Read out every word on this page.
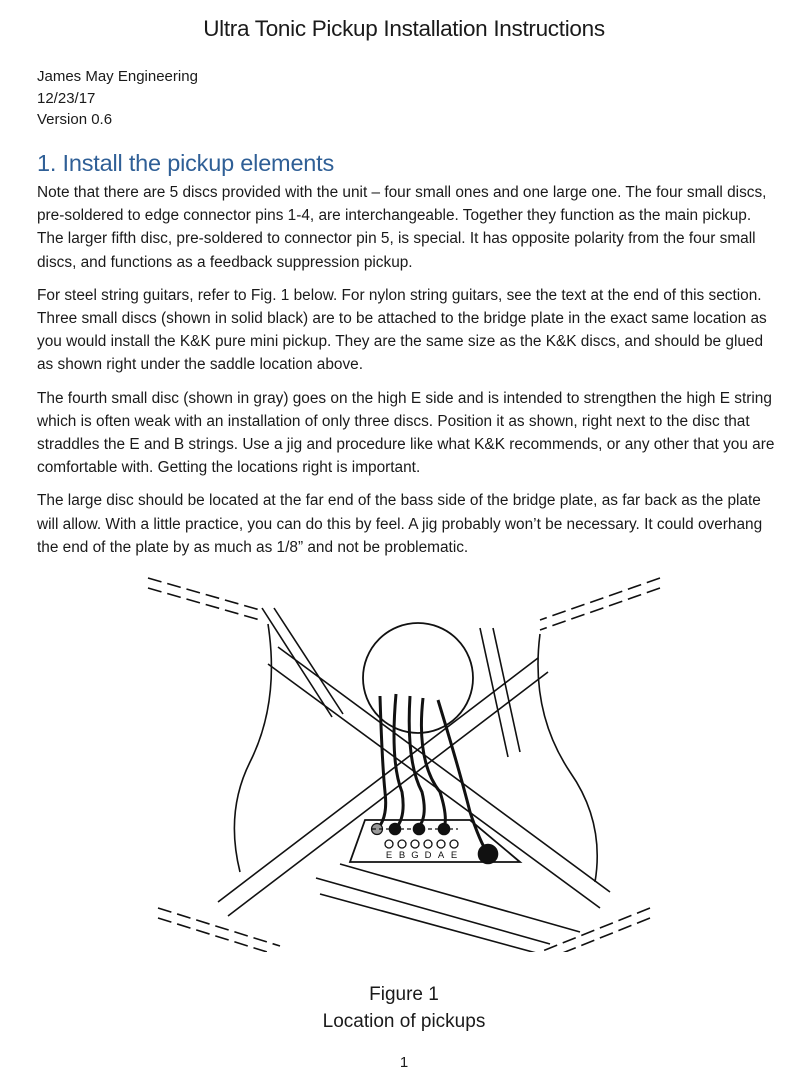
Ultra Tonic Pickup Installation Instructions
James May Engineering
12/23/17
Version 0.6
1. Install the pickup elements

Note that there are 5 discs provided with the unit – four small ones and one large one. The four small discs, pre-soldered to edge connector pins 1-4, are interchangeable. Together they function as the main pickup. The larger fifth disc, pre-soldered to connector pin 5, is special. It has opposite polarity from the four small discs, and functions as a feedback suppression pickup.

For steel string guitars, refer to Fig. 1 below. For nylon string guitars, see the text at the end of this section. Three small discs (shown in solid black) are to be attached to the bridge plate in the exact same location as you would install the K&K pure mini pickup. They are the same size as the K&K discs, and should be glued as shown right under the saddle location above.

The fourth small disc (shown in gray) goes on the high E side and is intended to strengthen the high E string which is often weak with an installation of only three discs. Position it as shown, right next to the disc that straddles the E and B strings. Use a jig and procedure like what K&K recommends, or any other that you are comfortable with. Getting the locations right is important.

The large disc should be located at the far end of the bass side of the bridge plate, as far back as the plate will allow. With a little practice, you can do this by feel. A jig probably won’t be necessary. It could overhang the end of the plate by as much as 1/8” and not be problematic.

E B G D A E
Figure 1
Location of pickups
1
